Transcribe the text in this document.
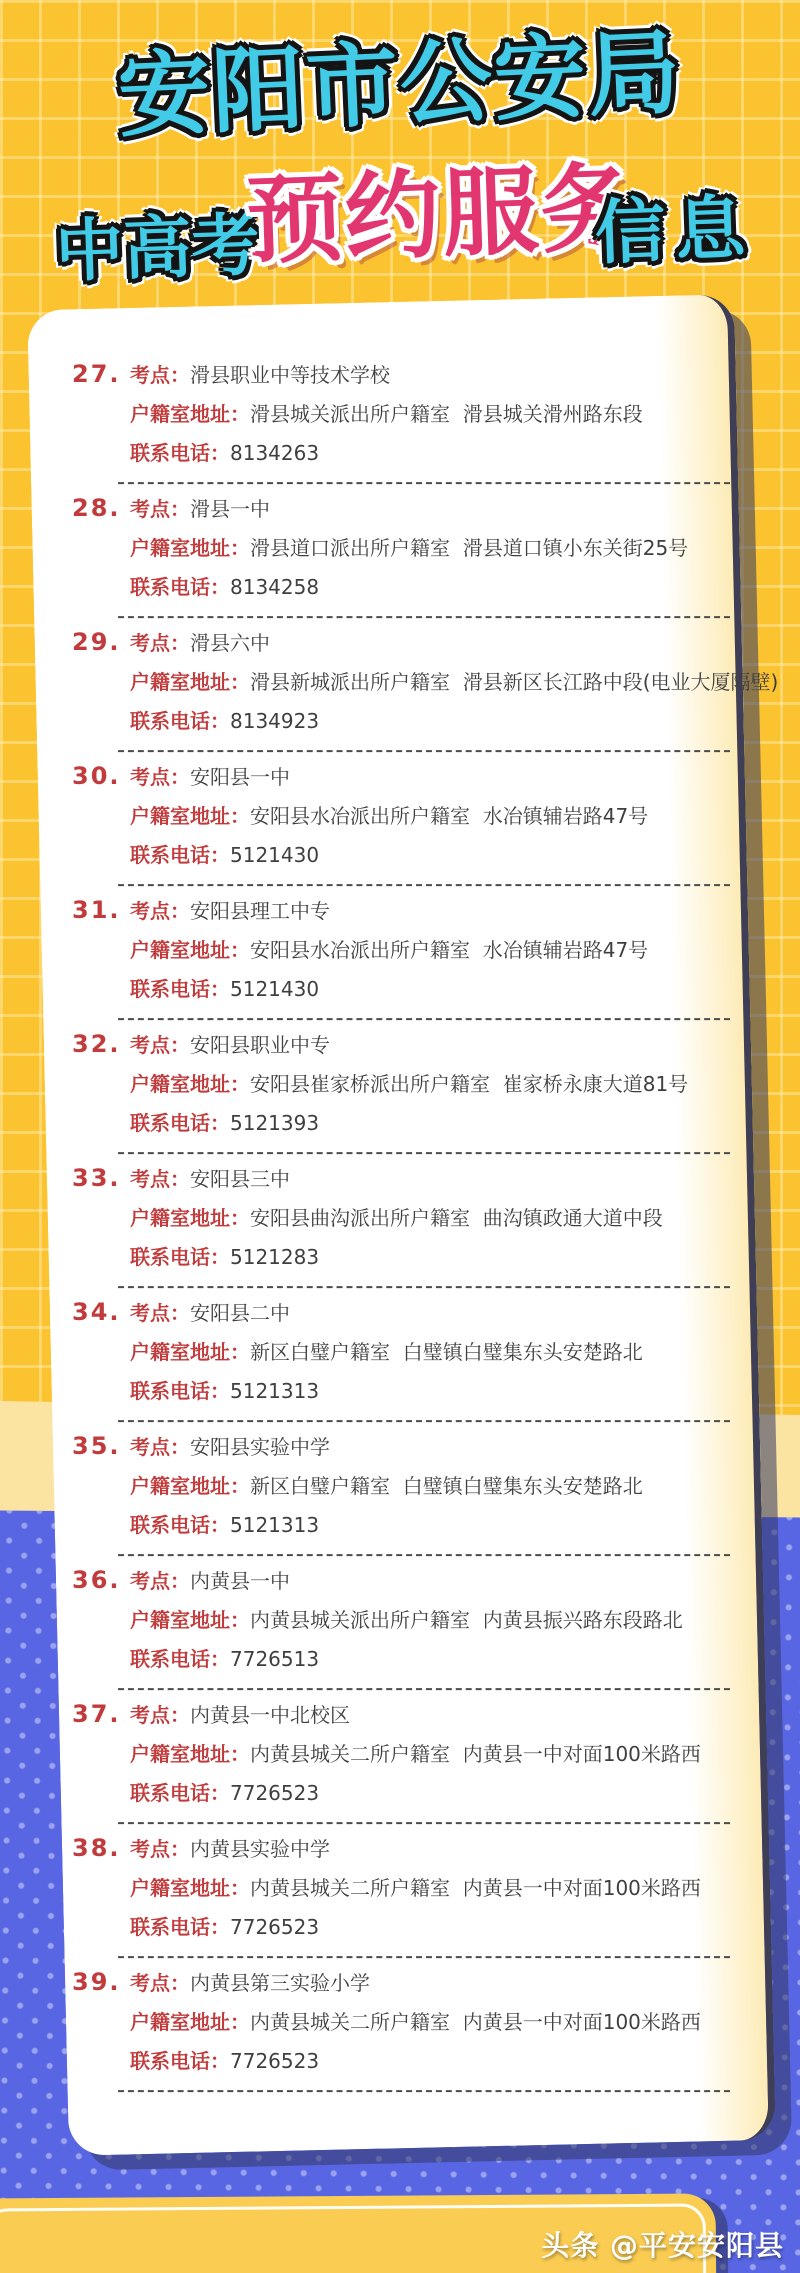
中高考
预约服务
信息
安阳市公安局
27. 考点： 滑县职业中等技术学校
户籍室地址： 滑县城关派出所户籍室  滑县城关滑州路东段
联系电话： 8134263
28. 考点： 滑县一中
户籍室地址： 滑县道口派出所户籍室  滑县道口镇小东关街25号
联系电话： 8134258
29. 考点： 滑县六中
户籍室地址： 滑县新城派出所户籍室  滑县新区长江路中段(电业大厦隔壁)
联系电话： 8134923
30. 考点： 安阳县一中
户籍室地址： 安阳县水冶派出所户籍室  水冶镇辅岩路47号
联系电话： 5121430
31. 考点： 安阳县理工中专
户籍室地址： 安阳县水冶派出所户籍室  水冶镇辅岩路47号
联系电话： 5121430
32. 考点： 安阳县职业中专
户籍室地址： 安阳县崔家桥派出所户籍室  崔家桥永康大道81号
联系电话： 5121393
33. 考点： 安阳县三中
户籍室地址： 安阳县曲沟派出所户籍室  曲沟镇政通大道中段
联系电话： 5121283
34. 考点： 安阳县二中
户籍室地址： 新区白璧户籍室  白璧镇白璧集东头安楚路北
联系电话： 5121313
35. 考点： 安阳县实验中学
户籍室地址： 新区白璧户籍室  白璧镇白璧集东头安楚路北
联系电话： 5121313
36. 考点： 内黄县一中
户籍室地址： 内黄县城关派出所户籍室  内黄县振兴路东段路北
联系电话： 7726513
37. 考点： 内黄县一中北校区
户籍室地址： 内黄县城关二所户籍室  内黄县一中对面100米路西
联系电话： 7726523
38. 考点： 内黄县实验中学
户籍室地址： 内黄县城关二所户籍室  内黄县一中对面100米路西
联系电话： 7726523
39. 考点： 内黄县第三实验小学
户籍室地址： 内黄县城关二所户籍室  内黄县一中对面100米路西
联系电话： 7726523
头条 @平安安阳县
